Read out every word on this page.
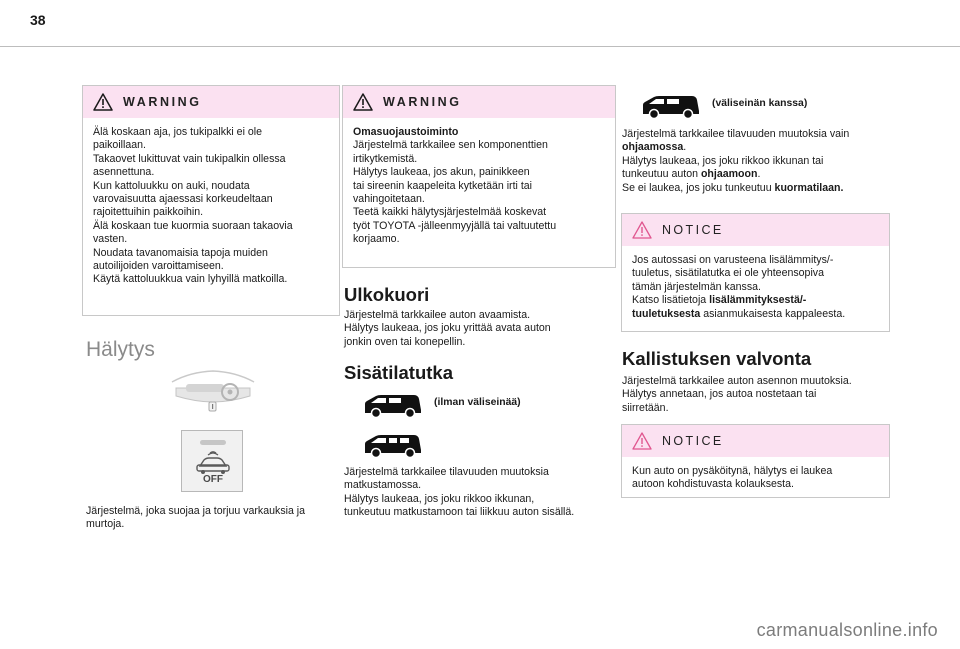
38
WARNING
Älä koskaan aja, jos tukipalkki ei ole
paikoillaan.
Takaovet lukittuvat vain tukipalkin ollessa
asennettuna.
Kun kattoluukku on auki, noudata
varovaisuutta ajaessasi korkeudeltaan
rajoitettuihin paikkoihin.
Älä koskaan tue kuormia suoraan takaovia
vasten.
Noudata tavanomaisia tapoja muiden
autoilijoiden varoittamiseen.
Käytä kattoluukkua vain lyhyillä matkoilla.
Hälytys
OFF
Järjestelmä, joka suojaa ja torjuu varkauksia ja
murtoja.
WARNING
Omasuojaustoiminto
Järjestelmä tarkkailee sen komponenttien
irtikytkemistä.
Hälytys laukeaa, jos akun, painikkeen
tai sireenin kaapeleita kytketään irti tai
vahingoitetaan.
Teetä kaikki hälytysjärjestelmää koskevat
työt TOYOTA -jälleenmyyjällä tai valtuutettu
korjaamo.
Ulkokuori
Järjestelmä tarkkailee auton avaamista.
Hälytys laukeaa, jos joku yrittää avata auton
jonkin oven tai konepellin.
Sisätilatutka
(ilman väliseinää)
Järjestelmä tarkkailee tilavuuden muutoksia
matkustamossa.
Hälytys laukeaa, jos joku rikkoo ikkunan,
tunkeutuu matkustamoon tai liikkuu auton sisällä.
(väliseinän kanssa)
Järjestelmä tarkkailee tilavuuden muutoksia vain
ohjaamossa.
Hälytys laukeaa, jos joku rikkoo ikkunan tai
tunkeutuu auton ohjaamoon.
Se ei laukea, jos joku tunkeutuu kuormatilaan.
NOTICE
Jos autossasi on varusteena lisälämmitys/-
tuuletus, sisätilatutka ei ole yhteensopiva
tämän järjestelmän kanssa.
Katso lisätietoja lisälämmityksestä/-
tuuletuksesta asianmukaisesta kappaleesta.
Kallistuksen valvonta
Järjestelmä tarkkailee auton asennon muutoksia.
Hälytys annetaan, jos autoa nostetaan tai
siirretään.
NOTICE
Kun auto on pysäköitynä, hälytys ei laukea
autoon kohdistuvasta kolauksesta.
carmanualsonline.info
